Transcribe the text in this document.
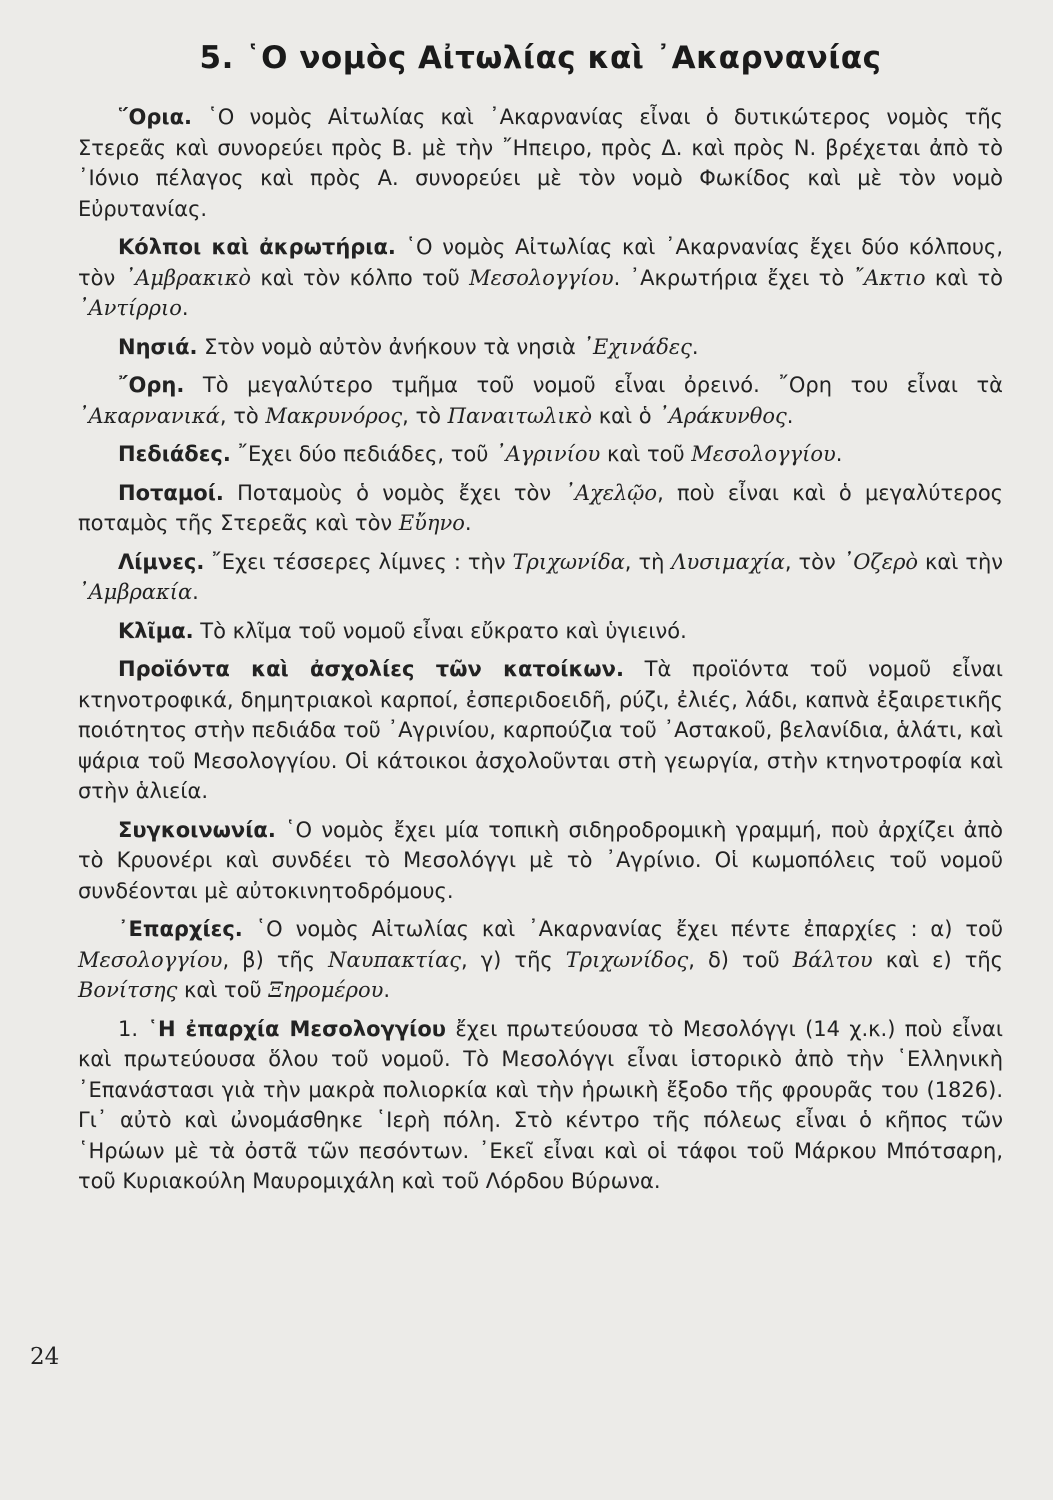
5. ῾Ο νομὸς Αἰτωλίας καὶ ᾿Ακαρνανίας

῞Ορια. ῾Ο νομὸς Αἰτωλίας καὶ ᾿Ακαρνανίας εἶναι ὁ δυτικώτερος νομὸς τῆς Στερεᾶς καὶ συνορεύει πρὸς Β. μὲ τὴν ῎Ηπειρο, πρὸς Δ. καὶ πρὸς Ν. βρέχεται ἀπὸ τὸ ᾿Ιόνιο πέλαγος καὶ πρὸς Α. συνορεύει μὲ τὸν νομὸ Φωκίδος καὶ μὲ τὸν νομὸ Εὐρυτανίας.

Κόλποι καὶ ἀκρωτήρια. ῾Ο νομὸς Αἰτωλίας καὶ ᾿Ακαρνανίας ἔχει δύο κόλπους, τὸν ᾿Αμβρακικὸ καὶ τὸν κόλπο τοῦ Μεσολογγίου. ᾿Ακρωτήρια ἔχει τὸ ῎Ακτιο καὶ τὸ ᾿Αντίρριο.

Νησιά. Στὸν νομὸ αὐτὸν ἀνήκουν τὰ νησιὰ ᾿Εχινάδες.

῎Ορη. Τὸ μεγαλύτερο τμῆμα τοῦ νομοῦ εἶναι ὀρεινό. ῎Ορη του εἶναι τὰ ᾿Ακαρνανικά, τὸ Μακρυνόρος, τὸ Παναιτωλικὸ καὶ ὁ ᾿Αράκυνθος.

Πεδιάδες. ῎Εχει δύο πεδιάδες, τοῦ ᾿Αγρινίου καὶ τοῦ Μεσολογγίου.

Ποταμοί. Ποταμοὺς ὁ νομὸς ἔχει τὸν ᾿Αχελῷο, ποὺ εἶναι καὶ ὁ μεγαλύτερος ποταμὸς τῆς Στερεᾶς καὶ τὸν Εὔηνο.

Λίμνες. ῎Εχει τέσσερες λίμνες : τὴν Τριχωνίδα, τὴ Λυσιμαχία, τὸν ᾿Οζερὸ καὶ τὴν ᾿Αμβρακία.

Κλῖμα. Τὸ κλῖμα τοῦ νομοῦ εἶναι εὔκρατο καὶ ὑγιεινό.

Προϊόντα καὶ ἀσχολίες τῶν κατοίκων. Τὰ προϊόντα τοῦ νομοῦ εἶναι κτηνοτροφικά, δημητριακοὶ καρποί, ἐσπεριδοειδῆ, ρύζι, ἐλιές, λάδι, καπνὰ ἐξαιρετικῆς ποιότητος στὴν πεδιάδα τοῦ ᾿Αγρινίου, καρπούζια τοῦ ᾿Αστακοῦ, βελανίδια, ἁλάτι, καὶ ψάρια τοῦ Μεσολογγίου. Οἱ κάτοικοι ἀσχολοῦνται στὴ γεωργία, στὴν κτηνοτροφία καὶ στὴν ἁλιεία.

Συγκοινωνία. ῾Ο νομὸς ἔχει μία τοπικὴ σιδηροδρομικὴ γραμμή, ποὺ ἀρχίζει ἀπὸ τὸ Κρυονέρι καὶ συνδέει τὸ Μεσολόγγι μὲ τὸ ᾿Αγρίνιο. Οἱ κωμοπόλεις τοῦ νομοῦ συνδέονται μὲ αὐτοκινητοδρόμους.

᾿Επαρχίες. ῾Ο νομὸς Αἰτωλίας καὶ ᾿Ακαρνανίας ἔχει πέντε ἐπαρχίες : α) τοῦ Μεσολογγίου, β) τῆς Ναυπακτίας, γ) τῆς Τριχωνίδος, δ) τοῦ Βάλτου καὶ ε) τῆς Βονίτσης καὶ τοῦ Ξηρομέρου.

1. ῾Η ἐπαρχία Μεσολογγίου ἔχει πρωτεύουσα τὸ Μεσολόγγι (14 χ.κ.) ποὺ εἶναι καὶ πρωτεύουσα ὅλου τοῦ νομοῦ. Τὸ Μεσολόγγι εἶναι ἱστορικὸ ἀπὸ τὴν ῾Ελληνικὴ ᾿Επανάστασι γιὰ τὴν μακρὰ πολιορκία καὶ τὴν ἡρωικὴ ἔξοδο τῆς φρουρᾶς του (1826). Γι᾿ αὐτὸ καὶ ὠνομάσθηκε ῾Ιερὴ πόλη. Στὸ κέντρο τῆς πόλεως εἶναι ὁ κῆπος τῶν ῾Ηρώων μὲ τὰ ὀστᾶ τῶν πεσόντων. ᾿Εκεῖ εἶναι καὶ οἱ τάφοι τοῦ Μάρκου Μπότσαρη, τοῦ Κυριακούλη Μαυρομιχάλη καὶ τοῦ Λόρδου Βύρωνα.

24
